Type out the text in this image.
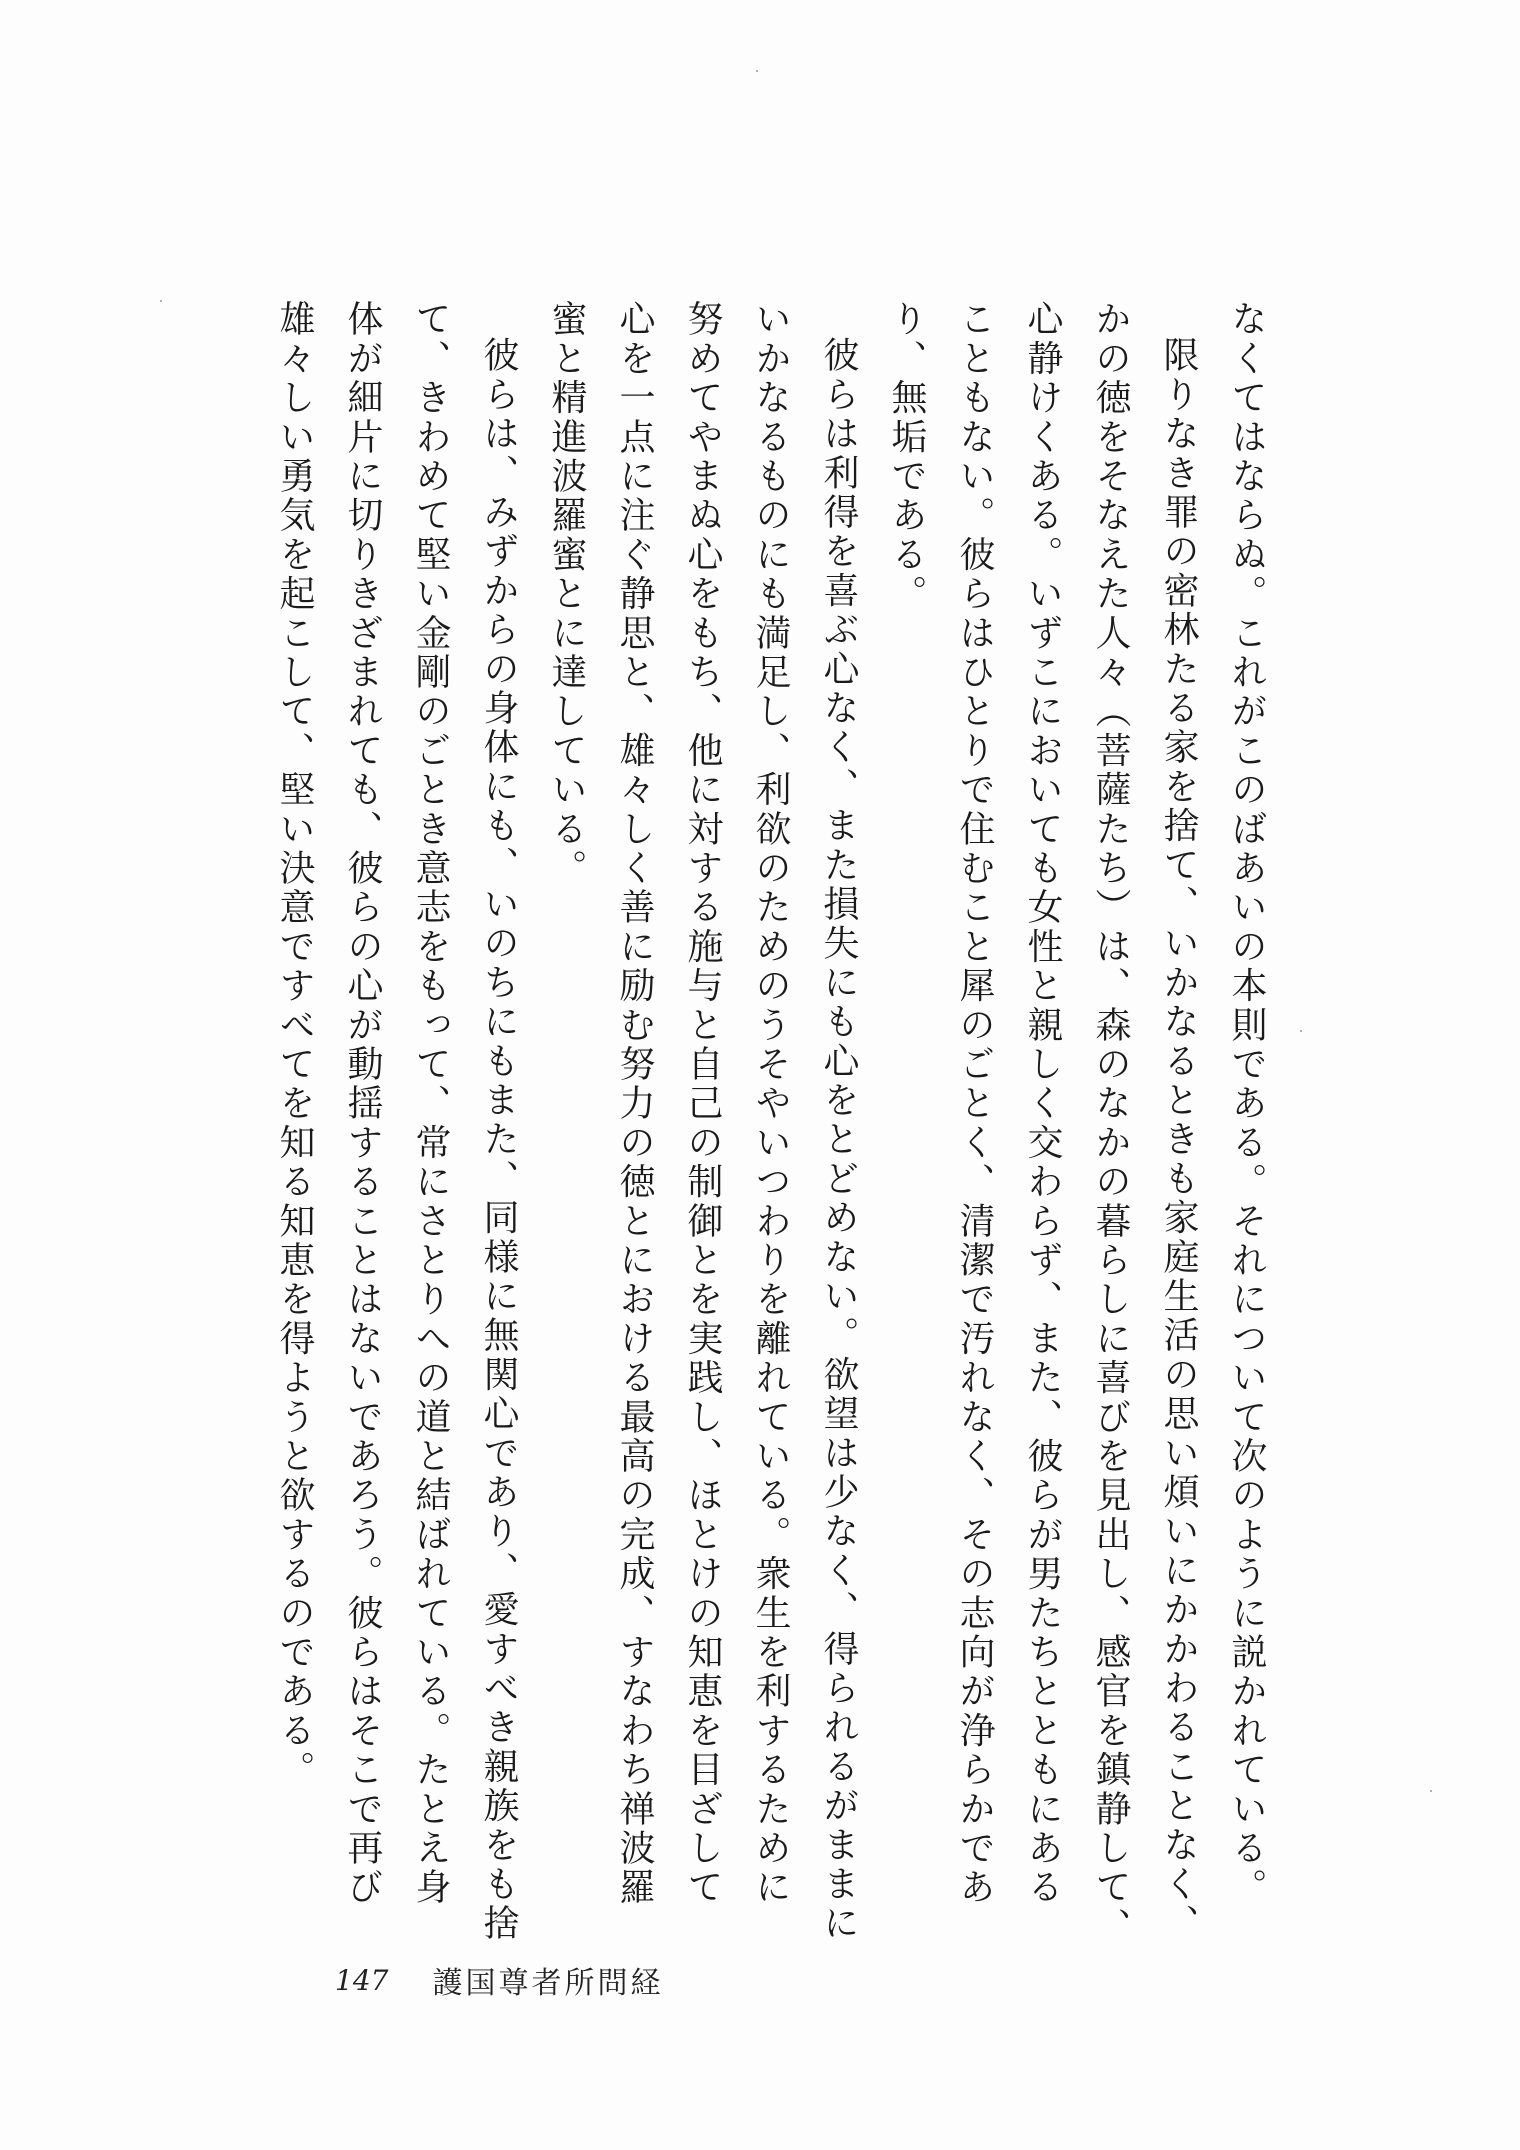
なくてはならぬ。これがこのばあいの本則である。それについて次のように説かれている。

限りなき罪の密林たる家を捨て、いかなるときも家庭生活の思い煩いにかかわることなく、

かの徳をそなえた人々（菩薩たち）は、森のなかの暮らしに喜びを見出し、感官を鎮静して、

心静けくある。いずこにおいても女性と親しく交わらず、また、彼らが男たちとともにある

こともない。彼らはひとりで住むこと犀のごとく、清潔で汚れなく、その志向が浄らかであ

り、無垢である。

彼らは利得を喜ぶ心なく、また損失にも心をとどめない。欲望は少なく、得られるがままに

いかなるものにも満足し、利欲のためのうそやいつわりを離れている。衆生を利するために

努めてやまぬ心をもち、他に対する施与と自己の制御とを実践し、ほとけの知恵を目ざして

心を一点に注ぐ静思と、雄々しく善に励む努力の徳とにおける最高の完成、すなわち禅波羅

蜜と精進波羅蜜とに達している。

彼らは、みずからの身体にも、いのちにもまた、同様に無関心であり、愛すべき親族をも捨

て、きわめて堅い金剛のごとき意志をもって、常にさとりへの道と結ばれている。たとえ身

体が細片に切りきざまれても、彼らの心が動揺することはないであろう。彼らはそこで再び

雄々しい勇気を起こして、堅い決意ですべてを知る知恵を得ようと欲するのである。

147 護国尊者所問経
